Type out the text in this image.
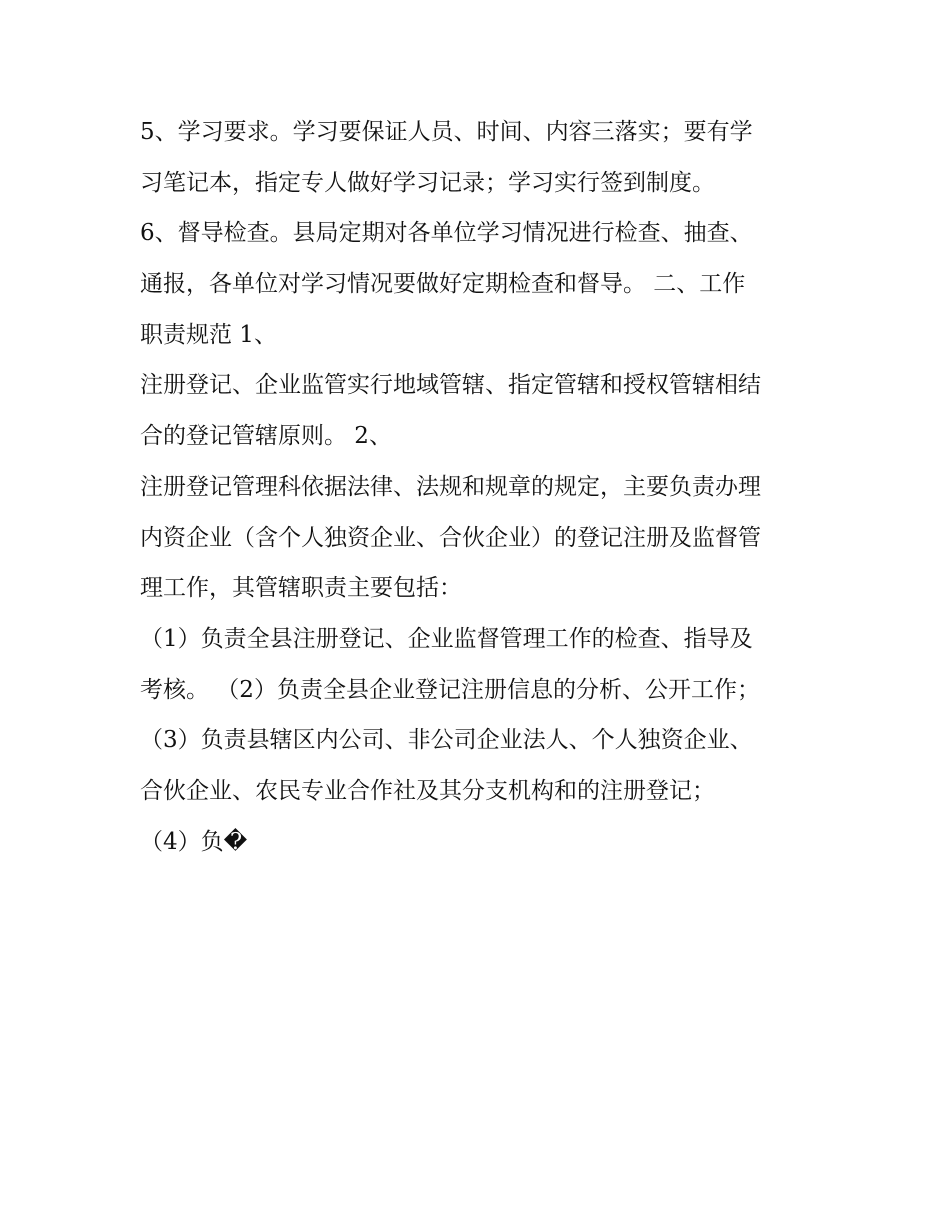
5、学习要求。学习要保证人员、时间、内容三落实；要有学
习笔记本，指定专人做好学习记录；学习实行签到制度。
6、督导检查。县局定期对各单位学习情况进行检查、抽查、
通报，各单位对学习情况要做好定期检查和督导。 二、工作
职责规范 1、
注册登记、企业监管实行地域管辖、指定管辖和授权管辖相结
合的登记管辖原则。 2、
注册登记管理科依据法律、法规和规章的规定，主要负责办理
内资企业（含个人独资企业、合伙企业）的登记注册及监督管
理工作，其管辖职责主要包括：
（1）负责全县注册登记、企业监督管理工作的检查、指导及
考核。 （2）负责全县企业登记注册信息的分析、公开工作；
（3）负责县辖区内公司、非公司企业法人、个人独资企业、
合伙企业、农民专业合作社及其分支机构和的注册登记；
（4）负�
